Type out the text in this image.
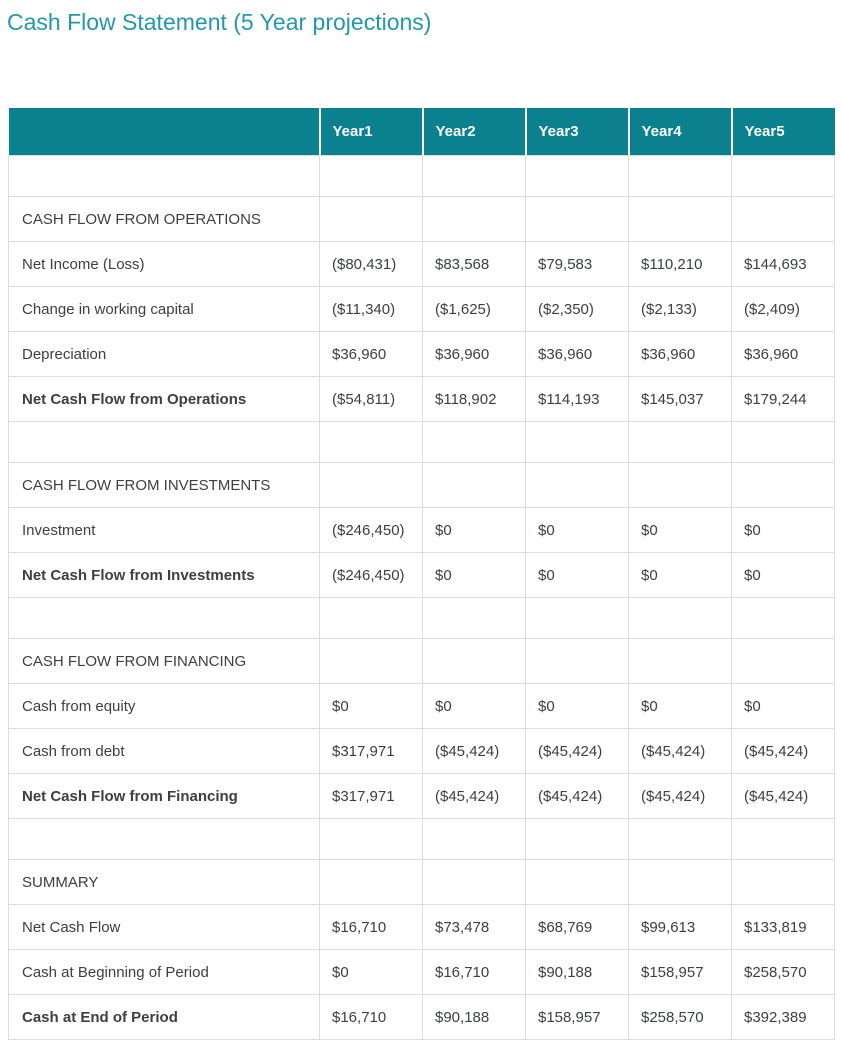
Cash Flow Statement (5 Year projections)
	Year1	Year2	Year3	Year4	Year5

CASH FLOW FROM OPERATIONS					
Net Income (Loss)	($80,431)	$83,568	$79,583	$110,210	$144,693
Change in working capital	($11,340)	($1,625)	($2,350)	($2,133)	($2,409)
Depreciation	$36,960	$36,960	$36,960	$36,960	$36,960
Net Cash Flow from Operations	($54,811)	$118,902	$114,193	$145,037	$179,244

CASH FLOW FROM INVESTMENTS					
Investment	($246,450)	$0	$0	$0	$0
Net Cash Flow from Investments	($246,450)	$0	$0	$0	$0

CASH FLOW FROM FINANCING					
Cash from equity	$0	$0	$0	$0	$0
Cash from debt	$317,971	($45,424)	($45,424)	($45,424)	($45,424)
Net Cash Flow from Financing	$317,971	($45,424)	($45,424)	($45,424)	($45,424)

SUMMARY					
Net Cash Flow	$16,710	$73,478	$68,769	$99,613	$133,819
Cash at Beginning of Period	$0	$16,710	$90,188	$158,957	$258,570
Cash at End of Period	$16,710	$90,188	$158,957	$258,570	$392,389
